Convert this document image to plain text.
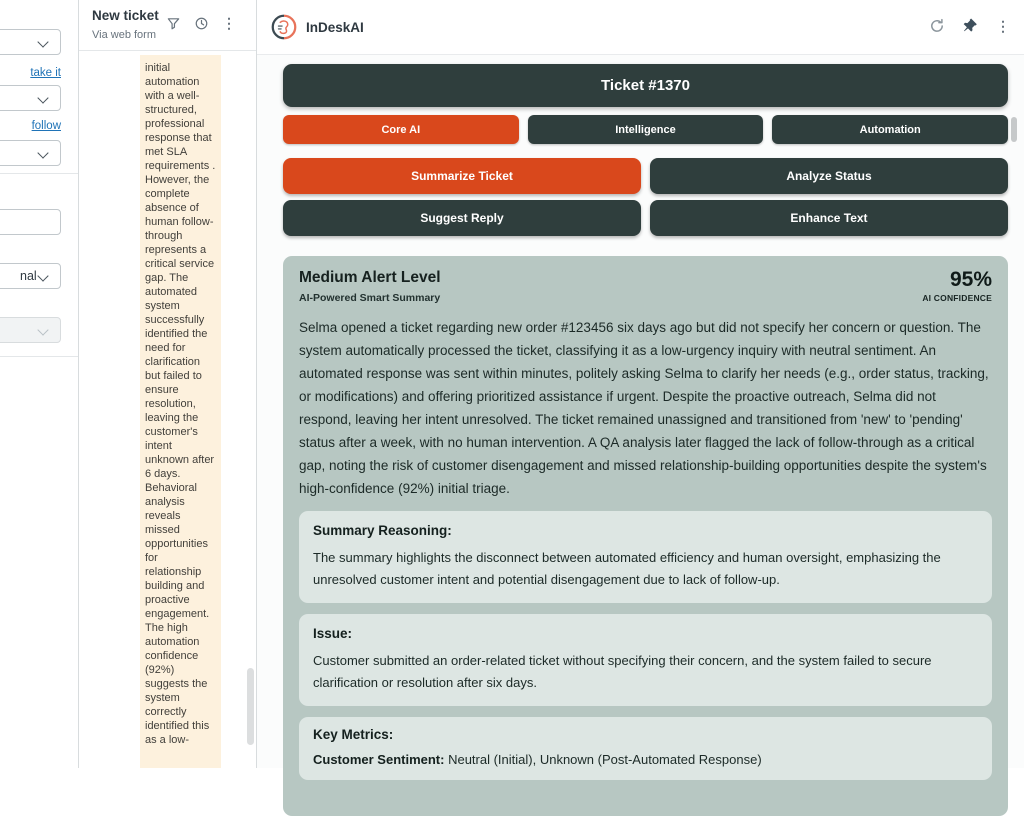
take it
follow
nal
New ticket
Via web form
⋮
initial automation with a well-structured, professional response that met SLA requirements . However, the complete absence of human follow-through represents a critical service gap. The automated system successfully identified the need for clarification but failed to ensure resolution, leaving the customer's intent unknown after 6 days. Behavioral analysis reveals missed opportunities for relationship building and proactive engagement. The high automation confidence (92%) suggests the system correctly identified this as a low-
InDeskAI	⋮
Ticket #1370
Core AI	Intelligence	Automation
Summarize Ticket	Analyze Status
Suggest Reply	Enhance Text
Medium Alert Level
AI-Powered Smart Summary
95%
AI CONFIDENCE
Selma opened a ticket regarding new order #123456 six days ago but did not specify her concern or question. The system automatically processed the ticket, classifying it as a low-urgency inquiry with neutral sentiment. An automated response was sent within minutes, politely asking Selma to clarify her needs (e.g., order status, tracking, or modifications) and offering prioritized assistance if urgent. Despite the proactive outreach, Selma did not respond, leaving her intent unresolved. The ticket remained unassigned and transitioned from 'new' to 'pending' status after a week, with no human intervention. A QA analysis later flagged the lack of follow-through as a critical gap, noting the risk of customer disengagement and missed relationship-building opportunities despite the system's high-confidence (92%) initial triage.
Summary Reasoning:
The summary highlights the disconnect between automated efficiency and human oversight, emphasizing the unresolved customer intent and potential disengagement due to lack of follow-up.
Issue:
Customer submitted an order-related ticket without specifying their concern, and the system failed to secure clarification or resolution after six days.
Key Metrics:
Customer Sentiment: Neutral (Initial), Unknown (Post-Automated Response)
